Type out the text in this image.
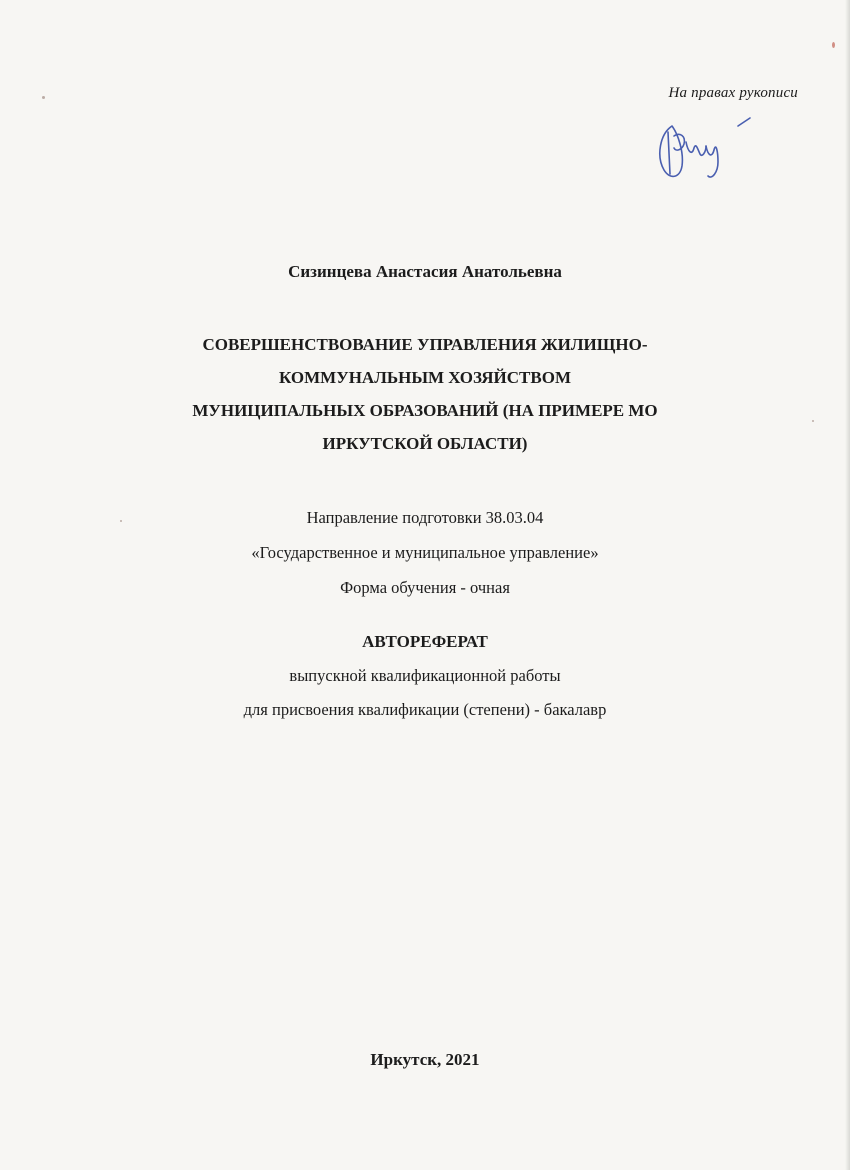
На правах рукописи
Сизинцева Анастасия Анатольевна
СОВЕРШЕНСТВОВАНИЕ УПРАВЛЕНИЯ ЖИЛИЩНО-
КОММУНАЛЬНЫМ ХОЗЯЙСТВОМ
МУНИЦИПАЛЬНЫХ ОБРАЗОВАНИЙ (НА ПРИМЕРЕ МО
ИРКУТСКОЙ ОБЛАСТИ)
Направление подготовки 38.03.04
«Государственное и муниципальное управление»
Форма обучения - очная
АВТОРЕФЕРАТ
выпускной квалификационной работы
для присвоения квалификации (степени) - бакалавр
Иркутск, 2021
